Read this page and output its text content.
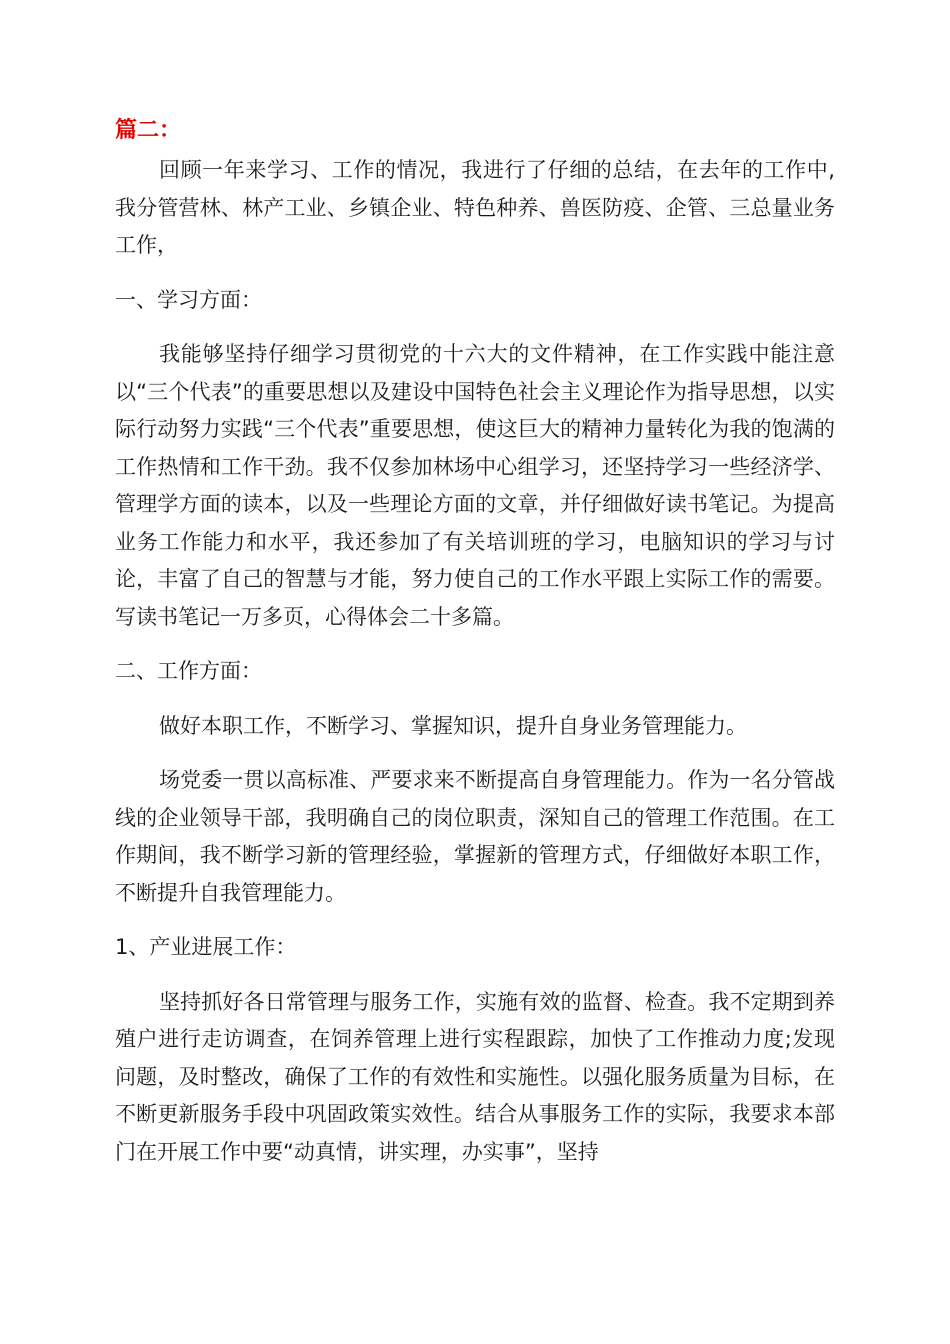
篇二：

回顾一年来学习、工作的情况，我进行了仔细的总结，在去年的工作中,我分管营林、林产工业、乡镇企业、特色种养、兽医防疫、企管、三总量业务工作，

一、学习方面：

我能够坚持仔细学习贯彻党的十六大的文件精神，在工作实践中能注意以“三个代表”的重要思想以及建设中国特色社会主义理论作为指导思想，以实际行动努力实践“三个代表”重要思想，使这巨大的精神力量转化为我的饱满的工作热情和工作干劲。我不仅参加林场中心组学习，还坚持学习一些经济学、管理学方面的读本，以及一些理论方面的文章，并仔细做好读书笔记。为提高业务工作能力和水平，我还参加了有关培训班的学习，电脑知识的学习与讨论，丰富了自己的智慧与才能，努力使自己的工作水平跟上实际工作的需要。写读书笔记一万多页，心得体会二十多篇。

二、工作方面：

做好本职工作，不断学习、掌握知识，提升自身业务管理能力。

场党委一贯以高标准、严要求来不断提高自身管理能力。作为一名分管战线的企业领导干部，我明确自己的岗位职责，深知自己的管理工作范围。在工作期间，我不断学习新的管理经验，掌握新的管理方式，仔细做好本职工作，不断提升自我管理能力。

1、产业进展工作：

坚持抓好各日常管理与服务工作，实施有效的监督、检查。我不定期到养殖户进行走访调查，在饲养管理上进行实程跟踪，加快了工作推动力度;发现问题，及时整改，确保了工作的有效性和实施性。以强化服务质量为目标，在不断更新服务手段中巩固政策实效性。结合从事服务工作的实际，我要求本部门在开展工作中要“动真情，讲实理，办实事”，坚持
